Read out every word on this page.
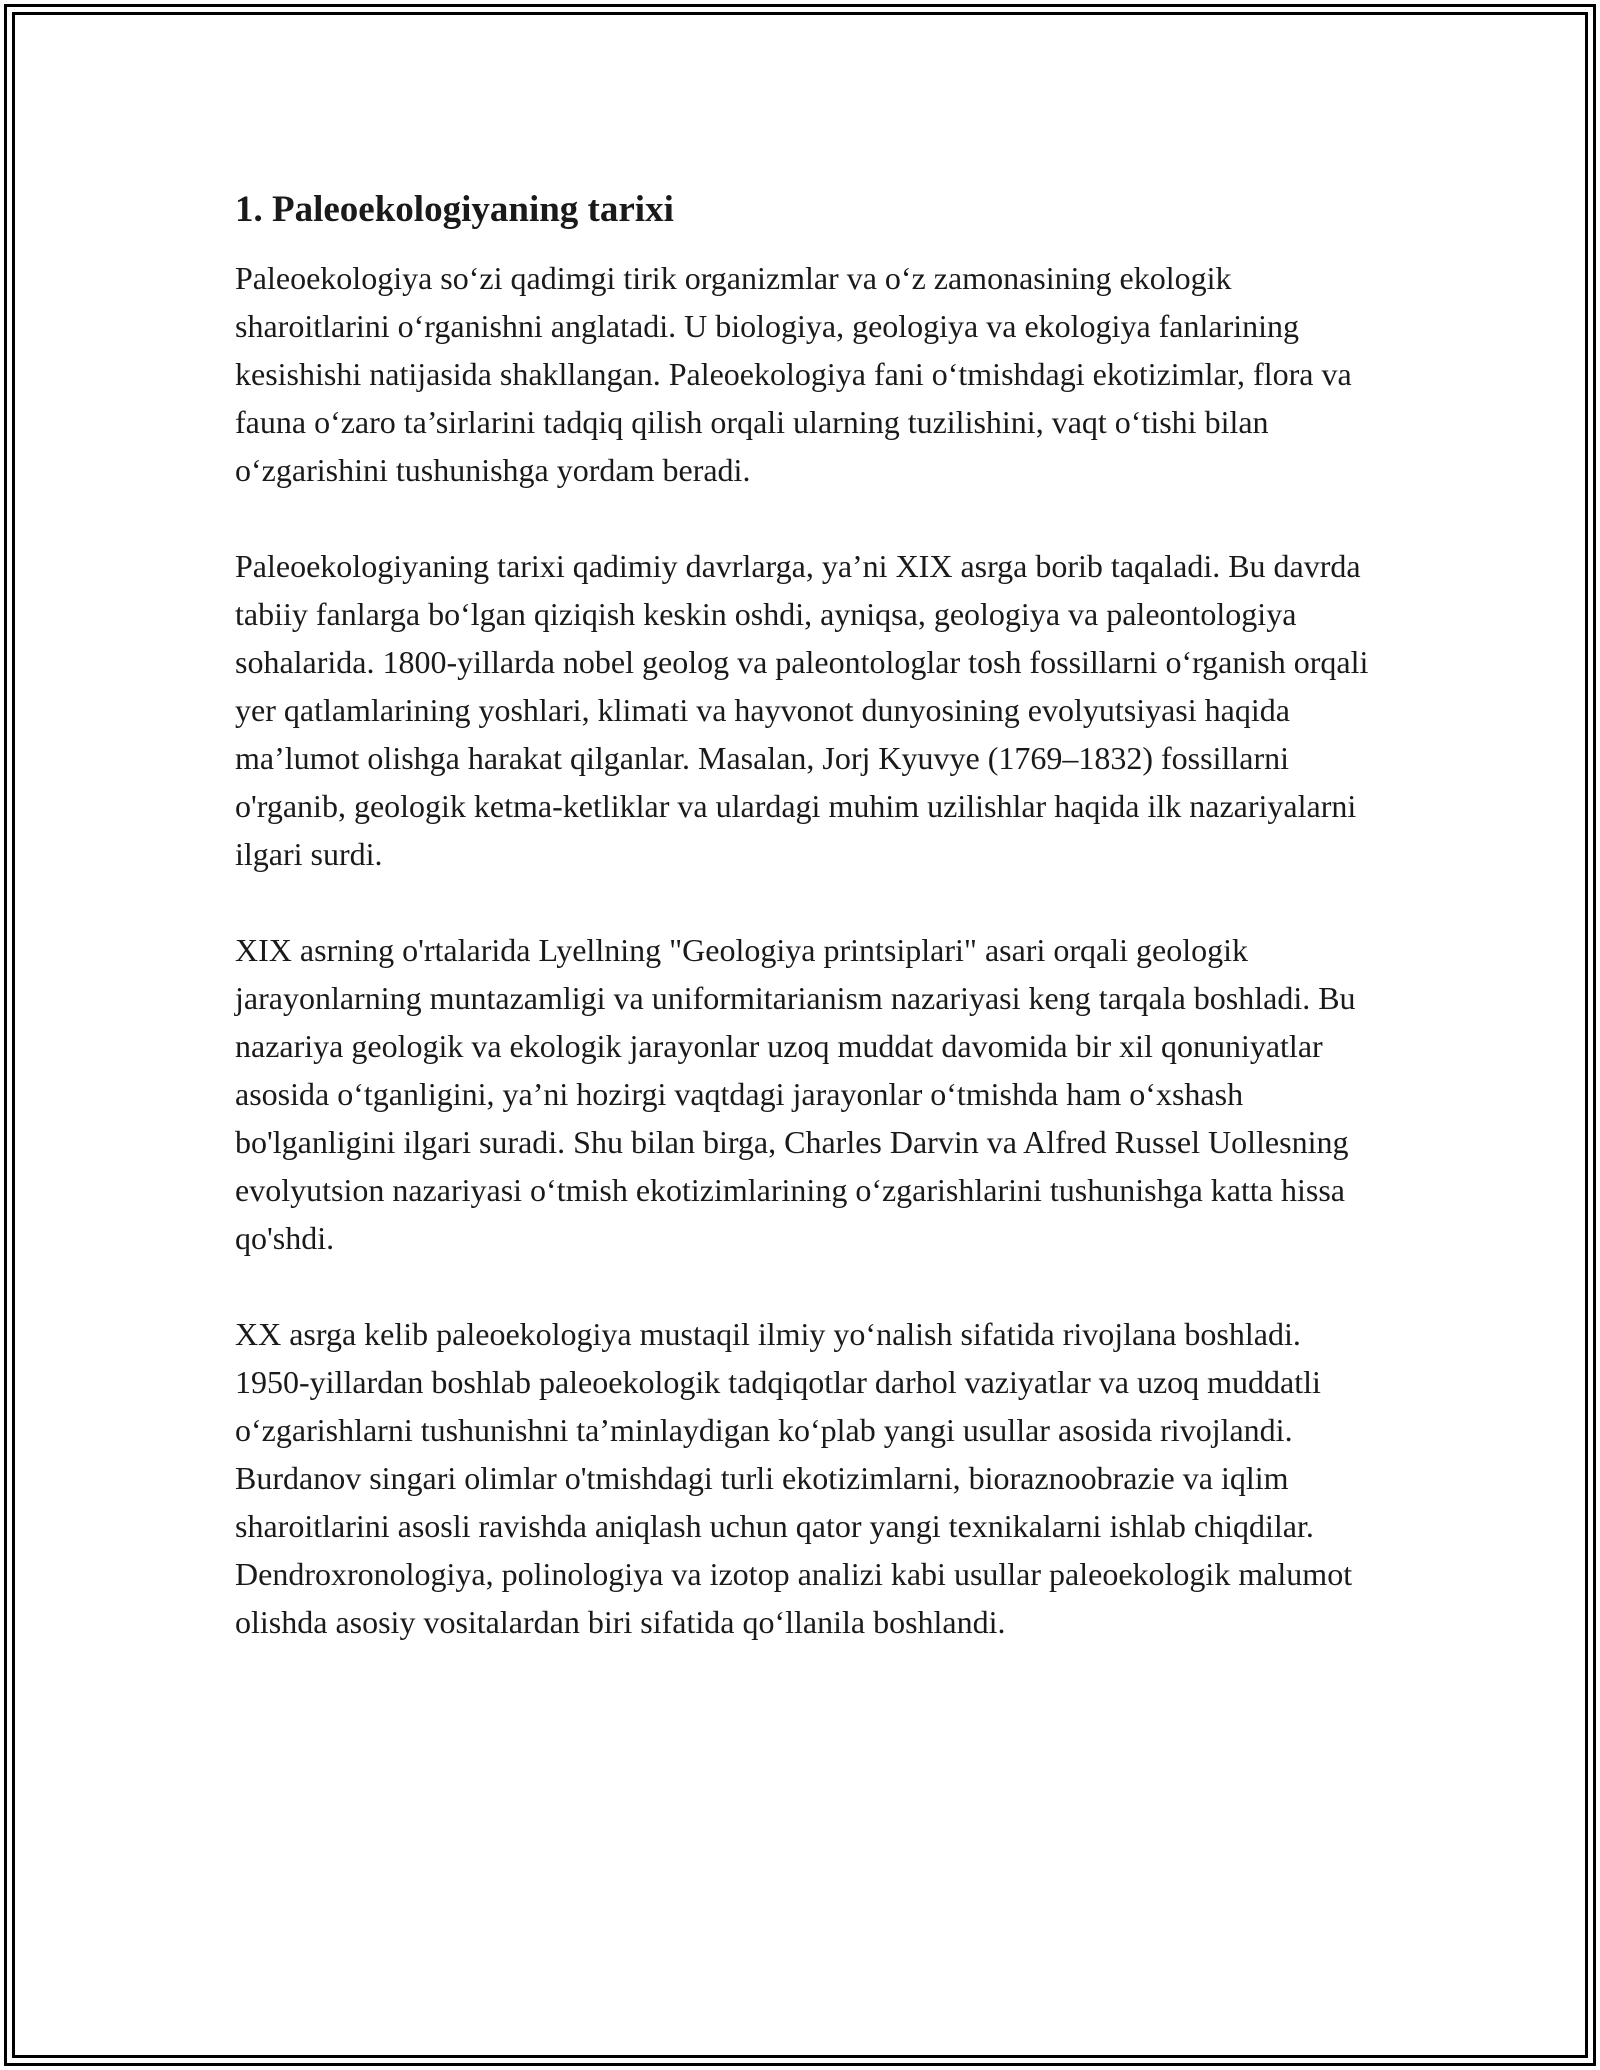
1. Paleoekologiyaning tarixi

Paleoekologiya so‘zi qadimgi tirik organizmlar va o‘z zamonasining ekologik sharoitlarini o‘rganishni anglatadi. U biologiya, geologiya va ekologiya fanlarining kesishishi natijasida shakllangan. Paleoekologiya fani o‘tmishdagi ekotizimlar, flora va fauna o‘zaro ta’sirlarini tadqiq qilish orqali ularning tuzilishini, vaqt o‘tishi bilan o‘zgarishini tushunishga yordam beradi.

Paleoekologiyaning tarixi qadimiy davrlarga, ya’ni XIX asrga borib taqaladi. Bu davrda tabiiy fanlarga bo‘lgan qiziqish keskin oshdi, ayniqsa, geologiya va paleontologiya sohalarida. 1800-yillarda nobel geolog va paleontologlar tosh fossillarni o‘rganish orqali yer qatlamlarining yoshlari, klimati va hayvonot dunyosining evolyutsiyasi haqida ma’lumot olishga harakat qilganlar. Masalan, Jorj Kyuvye (1769–1832) fossillarni o'rganib, geologik ketma-ketliklar va ulardagi muhim uzilishlar haqida ilk nazariyalarni ilgari surdi.

XIX asrning o'rtalarida Lyellning "Geologiya printsiplari" asari orqali geologik jarayonlarning muntazamligi va uniformitarianism nazariyasi keng tarqala boshladi. Bu nazariya geologik va ekologik jarayonlar uzoq muddat davomida bir xil qonuniyatlar asosida o‘tganligini, ya’ni hozirgi vaqtdagi jarayonlar o‘tmishda ham o‘xshash bo'lganligini ilgari suradi. Shu bilan birga, Charles Darvin va Alfred Russel Uollesning evolyutsion nazariyasi o‘tmish ekotizimlarining o‘zgarishlarini tushunishga katta hissa qo'shdi.

XX asrga kelib paleoekologiya mustaqil ilmiy yo‘nalish sifatida rivojlana boshladi. 1950-yillardan boshlab paleoekologik tadqiqotlar darhol vaziyatlar va uzoq muddatli o‘zgarishlarni tushunishni ta’minlaydigan ko‘plab yangi usullar asosida rivojlandi. Burdanov singari olimlar o'tmishdagi turli ekotizimlarni, bioraznoobrazie va iqlim sharoitlarini asosli ravishda aniqlash uchun qator yangi texnikalarni ishlab chiqdilar. Dendroxronologiya, polinologiya va izotop analizi kabi usullar paleoekologik malumot olishda asosiy vositalardan biri sifatida qo‘llanila boshlandi.
